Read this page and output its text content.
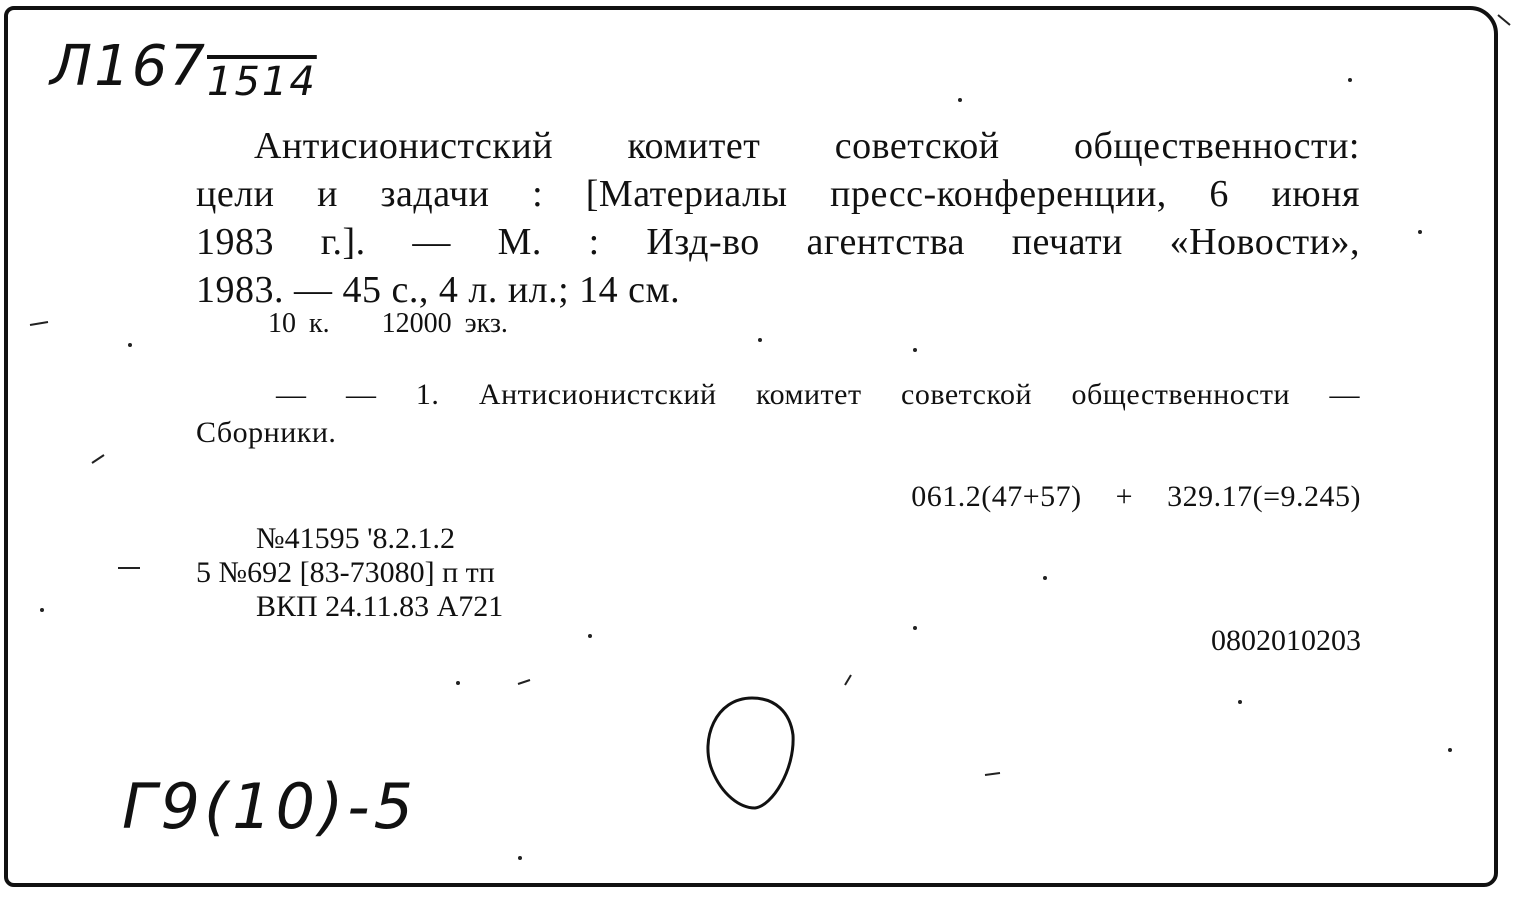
$Л167_{1514}$
Антисионистский комитет советской общественности:
цели и задачи : [Материалы пресс-конференции, 6 июня
1983 г.]. — М. : Изд-во агентства печати «Новости»,
1983. — 45 с., 4 л. ил.; 14 см.
10 к. 12000 экз.
— — 1. Антисионистский комитет советской общественности —
Сборники.
061.2(47+57) + 329.17(=9.245)
№41595 '8.2.1.2
5 №692 [83-73080] п тп
ВКП 24.11.83 А721
0802010203
Г9(10)-5
